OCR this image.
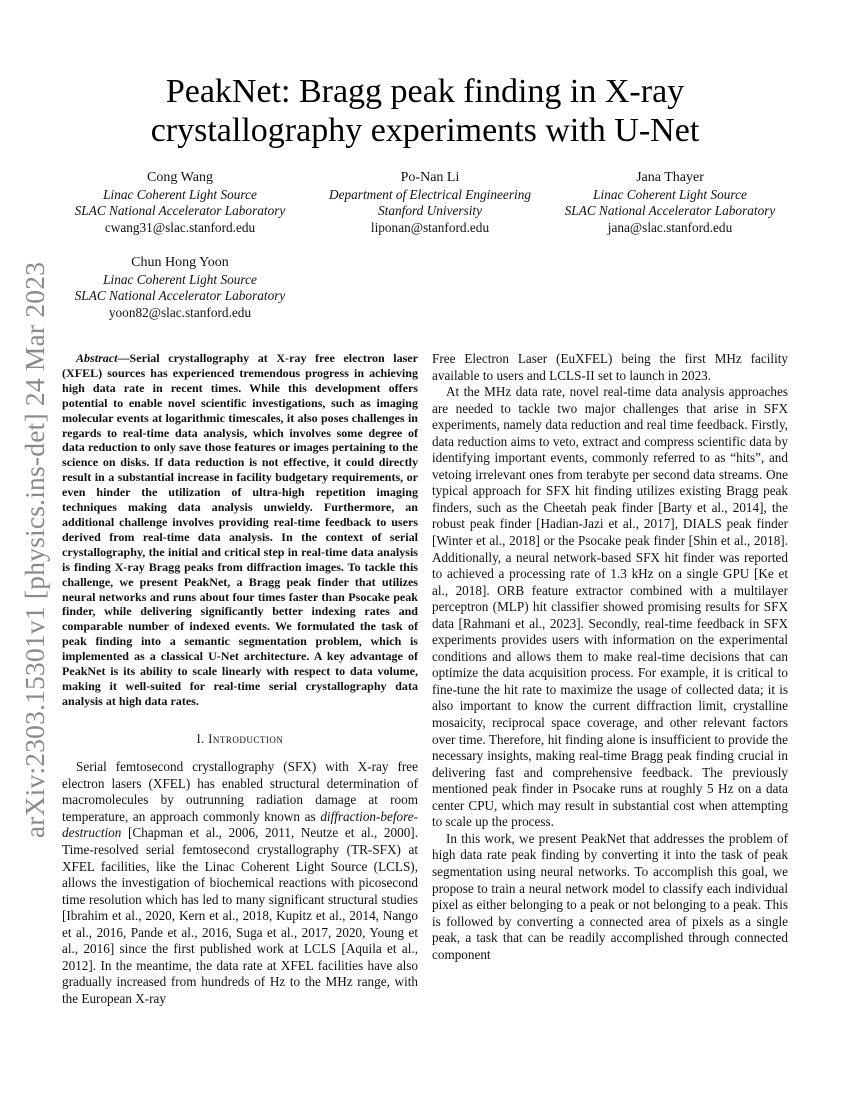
arXiv:2303.15301v1 [physics.ins-det] 24 Mar 2023
PeakNet: Bragg peak finding in X-ray
crystallography experiments with U-Net
Cong Wang
Linac Coherent Light Source
SLAC National Accelerator Laboratory
cwang31@slac.stanford.edu
Po-Nan Li
Department of Electrical Engineering
Stanford University
liponan@stanford.edu
Jana Thayer
Linac Coherent Light Source
SLAC National Accelerator Laboratory
jana@slac.stanford.edu
Chun Hong Yoon
Linac Coherent Light Source
SLAC National Accelerator Laboratory
yoon82@slac.stanford.edu

Abstract—Serial crystallography at X-ray free electron laser (XFEL) sources has experienced tremendous progress in achieving high data rate in recent times. While this development offers potential to enable novel scientific investigations, such as imaging molecular events at logarithmic timescales, it also poses challenges in regards to real-time data analysis, which involves some degree of data reduction to only save those features or images pertaining to the science on disks. If data reduction is not effective, it could directly result in a substantial increase in facility budgetary requirements, or even hinder the utilization of ultra-high repetition imaging techniques making data analysis unwieldy. Furthermore, an additional challenge involves providing real-time feedback to users derived from real-time data analysis. In the context of serial crystallography, the initial and critical step in real-time data analysis is finding X-ray Bragg peaks from diffraction images. To tackle this challenge, we present PeakNet, a Bragg peak finder that utilizes neural networks and runs about four times faster than Psocake peak finder, while delivering significantly better indexing rates and comparable number of indexed events. We formulated the task of peak finding into a semantic segmentation problem, which is implemented as a classical U-Net architecture. A key advantage of PeakNet is its ability to scale linearly with respect to data volume, making it well-suited for real-time serial crystallography data analysis at high data rates.

I. Introduction

Serial femtosecond crystallography (SFX) with X-ray free electron lasers (XFEL) has enabled structural determination of macromolecules by outrunning radiation damage at room temperature, an approach commonly known as diffraction-before-destruction [Chapman et al., 2006, 2011, Neutze et al., 2000]. Time-resolved serial femtosecond crystallography (TR-SFX) at XFEL facilities, like the Linac Coherent Light Source (LCLS), allows the investigation of biochemical reactions with picosecond time resolution which has led to many significant structural studies [Ibrahim et al., 2020, Kern et al., 2018, Kupitz et al., 2014, Nango et al., 2016, Pande et al., 2016, Suga et al., 2017, 2020, Young et al., 2016] since the first published work at LCLS [Aquila et al., 2012]. In the meantime, the data rate at XFEL facilities have also gradually increased from hundreds of Hz to the MHz range, with the European X-ray

Free Electron Laser (EuXFEL) being the first MHz facility available to users and LCLS-II set to launch in 2023.

At the MHz data rate, novel real-time data analysis approaches are needed to tackle two major challenges that arise in SFX experiments, namely data reduction and real time feedback. Firstly, data reduction aims to veto, extract and compress scientific data by identifying important events, commonly referred to as “hits”, and vetoing irrelevant ones from terabyte per second data streams. One typical approach for SFX hit finding utilizes existing Bragg peak finders, such as the Cheetah peak finder [Barty et al., 2014], the robust peak finder [Hadian-Jazi et al., 2017], DIALS peak finder [Winter et al., 2018] or the Psocake peak finder [Shin et al., 2018]. Additionally, a neural network-based SFX hit finder was reported to achieved a processing rate of 1.3 kHz on a single GPU [Ke et al., 2018]. ORB feature extractor combined with a multilayer perceptron (MLP) hit classifier showed promising results for SFX data [Rahmani et al., 2023]. Secondly, real-time feedback in SFX experiments provides users with information on the experimental conditions and allows them to make real-time decisions that can optimize the data acquisition process. For example, it is critical to fine-tune the hit rate to maximize the usage of collected data; it is also important to know the current diffraction limit, crystalline mosaicity, reciprocal space coverage, and other relevant factors over time. Therefore, hit finding alone is insufficient to provide the necessary insights, making real-time Bragg peak finding crucial in delivering fast and comprehensive feedback. The previously mentioned peak finder in Psocake runs at roughly 5 Hz on a data center CPU, which may result in substantial cost when attempting to scale up the process.

In this work, we present PeakNet that addresses the problem of high data rate peak finding by converting it into the task of peak segmentation using neural networks. To accomplish this goal, we propose to train a neural network model to classify each individual pixel as either belonging to a peak or not belonging to a peak. This is followed by converting a connected area of pixels as a single peak, a task that can be readily accomplished through connected component
